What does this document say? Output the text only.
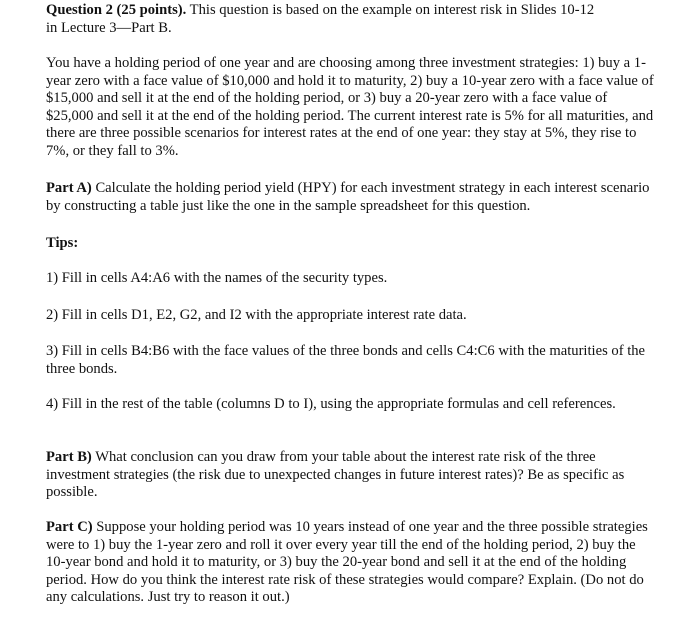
Question 2 (25 points). This question is based on the example on interest risk in Slides 10-12
in Lecture 3—Part B.

You have a holding period of one year and are choosing among three investment strategies: 1) buy a 1-year zero with a face value of $10,000 and hold it to maturity, 2) buy a 10-year zero with a face value of $15,000 and sell it at the end of the holding period, or 3) buy a 20-year zero with a face value of $25,000 and sell it at the end of the holding period. The current interest rate is 5% for all maturities, and there are three possible scenarios for interest rates at the end of one year: they stay at 5%, they rise to 7%, or they fall to 3%.

Part A) Calculate the holding period yield (HPY) for each investment strategy in each interest scenario by constructing a table just like the one in the sample spreadsheet for this question.

Tips:

1) Fill in cells A4:A6 with the names of the security types.

2) Fill in cells D1, E2, G2, and I2 with the appropriate interest rate data.

3) Fill in cells B4:B6 with the face values of the three bonds and cells C4:C6 with the maturities of the three bonds.

4) Fill in the rest of the table (columns D to I), using the appropriate formulas and cell references.

Part B) What conclusion can you draw from your table about the interest rate risk of the three investment strategies (the risk due to unexpected changes in future interest rates)? Be as specific as possible.

Part C) Suppose your holding period was 10 years instead of one year and the three possible strategies were to 1) buy the 1-year zero and roll it over every year till the end of the holding period, 2) buy the 10-year bond and hold it to maturity, or 3) buy the 20-year bond and sell it at the end of the holding period. How do you think the interest rate risk of these strategies would compare? Explain. (Do not do any calculations. Just try to reason it out.)
